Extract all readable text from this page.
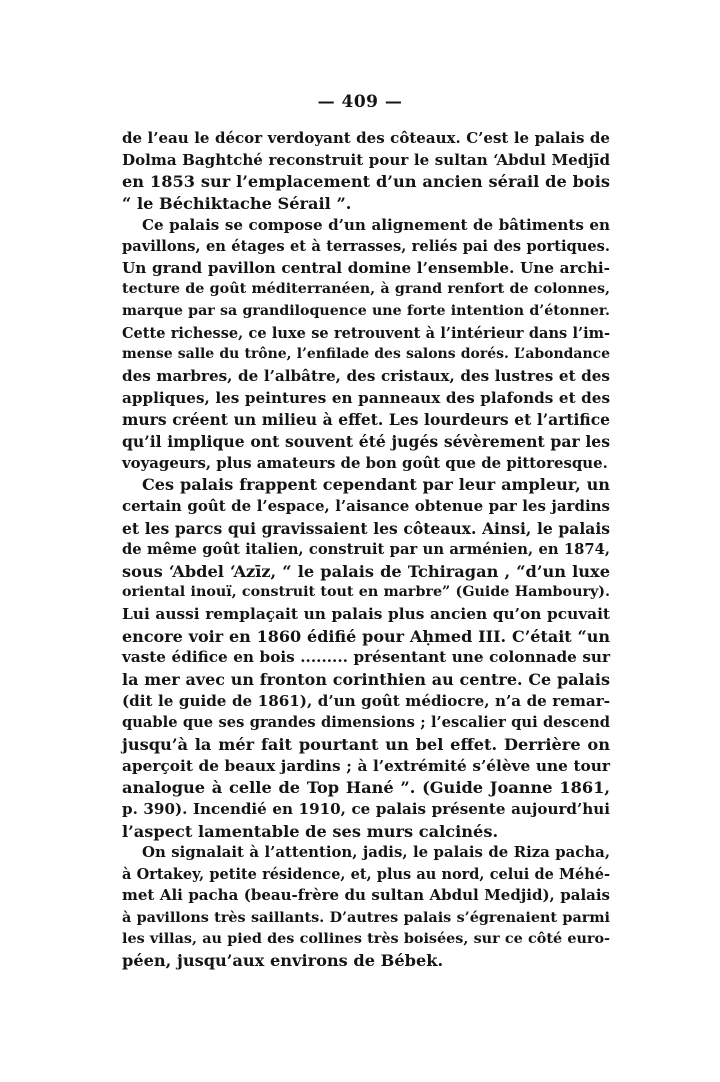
— 409 —
de l’eau le décor verdoyant des côteaux. C’est le palais de
Dolma Baghtché reconstruit pour le sultan ‘Abdul Medjīd
en 1853 sur l’emplacement d’un ancien sérail de bois
“ le Béchiktache Sérail ”.
Ce palais se compose d’un alignement de bâtiments en
pavillons, en étages et à terrasses, reliés pai des portiques.
Un grand pavillon central domine l’ensemble. Une archi-
tecture de goût méditerranéen, à grand renfort de colonnes,
marque par sa grandiloquence une forte intention d’étonner.
Cette richesse, ce luxe se retrouvent à l’intérieur dans l’im-
mense salle du trône, l’enfilade des salons dorés. L’abondance
des marbres, de l’albâtre, des cristaux, des lustres et des
appliques, les peintures en panneaux des plafonds et des
murs créent un milieu à effet. Les lourdeurs et l’artifice
qu’il implique ont souvent été jugés sévèrement par les
voyageurs, plus amateurs de bon goût que de pittoresque.
Ces palais frappent cependant par leur ampleur, un
certain goût de l’espace, l’aisance obtenue par les jardins
et les parcs qui gravissaient les côteaux. Ainsi, le palais
de même goût italien, construit par un arménien, en 1874,
sous ‘Abdel ‘Azīz, “ le palais de Tchiragan , “d’un luxe
oriental inouï, construit tout en marbre” (Guide Hamboury).
Lui aussi remplaçait un palais plus ancien qu’on pcuvait
encore voir en 1860 édifié pour Aḥmed III. C’était “un
vaste édifice en bois ......... présentant une colonnade sur
la mer avec un fronton corinthien au centre. Ce palais
(dit le guide de 1861), d’un goût médiocre, n’a de remar-
quable que ses grandes dimensions ; l’escalier qui descend
jusqu’à la mér fait pourtant un bel effet. Derrière on
aperçoit de beaux jardins ; à l’extrémité s’élève une tour
analogue à celle de Top Hané ”. (Guide Joanne 1861,
p. 390). Incendié en 1910, ce palais présente aujourd’hui
l’aspect lamentable de ses murs calcinés.
On signalait à l’attention, jadis, le palais de Riza pacha,
à Ortakey, petite résidence, et, plus au nord, celui de Méhé-
met Ali pacha (beau-frère du sultan Abdul Medjid), palais
à pavillons très saillants. D’autres palais s’égrenaient parmi
les villas, au pied des collines très boisées, sur ce côté euro-
péen, jusqu’aux environs de Bébek.
